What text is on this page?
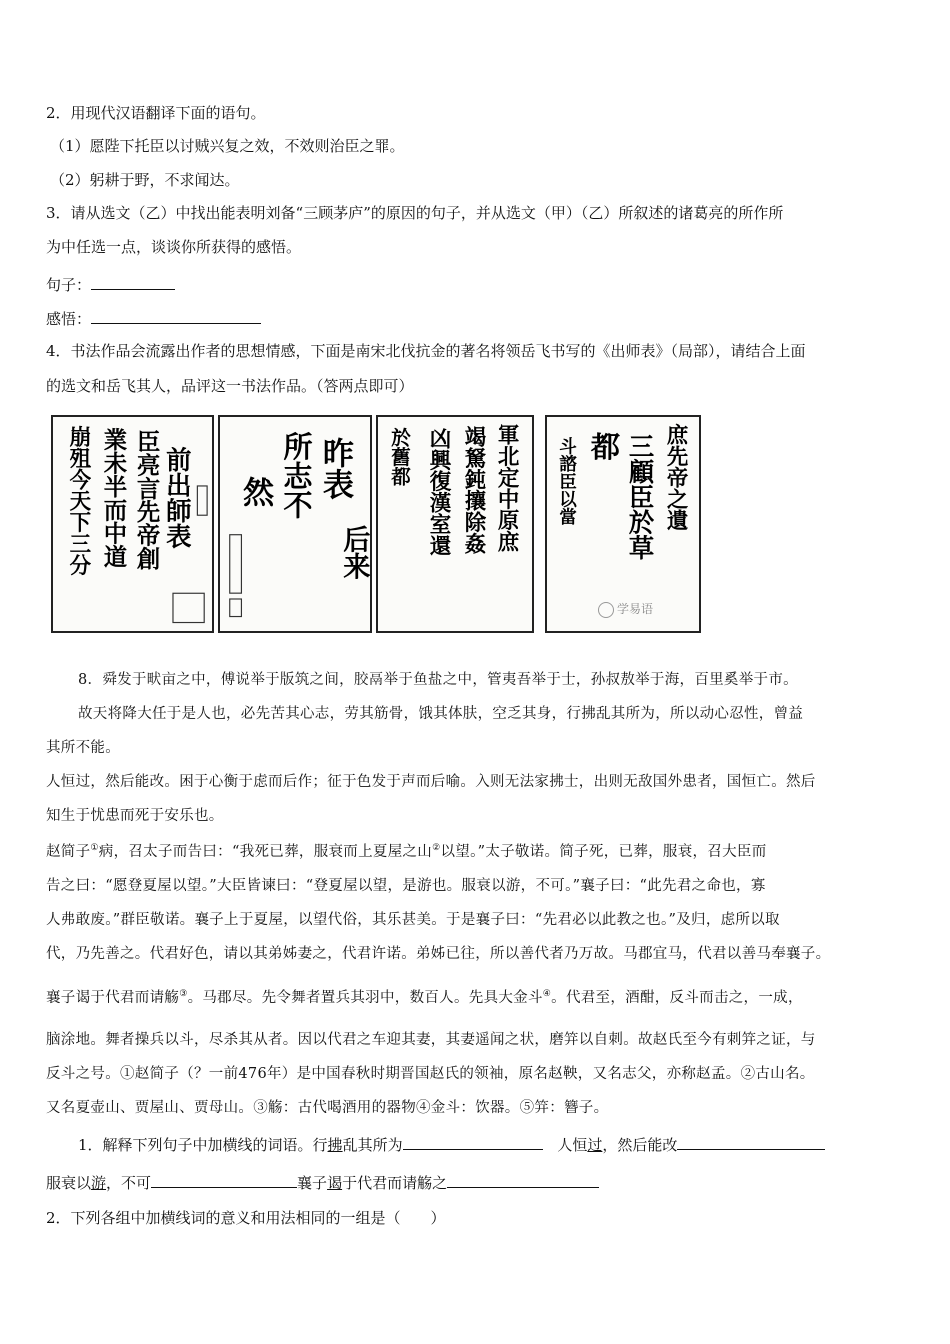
2．用现代汉语翻译下面的语句。
（1）愿陛下托臣以讨贼兴复之效，不效则治臣之罪。
（2）躬耕于野，不求闻达。
3．请从选文（乙）中找出能表明刘备“三顾茅庐”的原因的句子，并从选文（甲）（乙）所叙述的诸葛亮的所作所
为中任选一点，谈谈你所获得的感悟。
句子：
感悟：
4．书法作品会流露出作者的思想情感，下面是南宋北伐抗金的著名将领岳飞书写的《出师表》（局部），请结合上面
的选文和岳飞其人，品评这一书法作品。（答两点即可）
前出師表
臣亮言先帝創
業未半而中道
崩殂今天下三分	昨表
所志不
然
后来	軍北定中原庶
竭駑鈍攘除姦
凶興復漢室還
於舊都	庶先帝之遺
三顧臣於草
都
斗諮臣以當
学易语
8．舜发于畎亩之中，傅说举于版筑之间，胶鬲举于鱼盐之中，管夷吾举于士，孙叔敖举于海，百里奚举于市。
故天将降大任于是人也，必先苦其心志，劳其筋骨，饿其体肤，空乏其身，行拂乱其所为，所以动心忍性，曾益
其所不能。
人恒过，然后能改。困于心衡于虑而后作；征于色发于声而后喻。入则无法家拂士，出则无敌国外患者，国恒亡。然后
知生于忧患而死于安乐也。
赵简子①病，召太子而告曰：“我死已葬，服衰而上夏屋之山②以望。”太子敬诺。简子死，已葬，服衰，召大臣而
告之曰：“愿登夏屋以望。”大臣皆谏曰：“登夏屋以望，是游也。服衰以游，不可。”襄子曰：“此先君之命也，寡
人弗敢废。”群臣敬诺。襄子上于夏屋，以望代俗，其乐甚美。于是襄子曰：“先君必以此教之也。”及归，虑所以取
代，乃先善之。代君好色，请以其弟姊妻之，代君许诺。弟姊已往，所以善代者乃万故。马郡宜马，代君以善马奉襄子。
襄子谒于代君而请觞③。马郡尽。先令舞者置兵其羽中，数百人。先具大金斗④。代君至，酒酣，反斗而击之，一成，
脑涂地。舞者操兵以斗，尽杀其从者。因以代君之车迎其妻，其妻遥闻之状，磨笄以自刺。故赵氏至今有刺笄之证，与
反斗之号。①赵简子（？一前476年）是中国春秋时期晋国赵氏的领袖，原名赵鞅，又名志父，亦称赵孟。②古山名。
又名夏壶山、贾屋山、贾母山。③觞：古代喝酒用的器物④金斗：饮器。⑤笄：簪子。
1．解释下列句子中加横线的词语。行拂乱其所为	人恒过，然后能改
服衰以游，不可	襄子谒于代君而请觞之
2．下列各组中加横线词的意义和用法相同的一组是（　　）
